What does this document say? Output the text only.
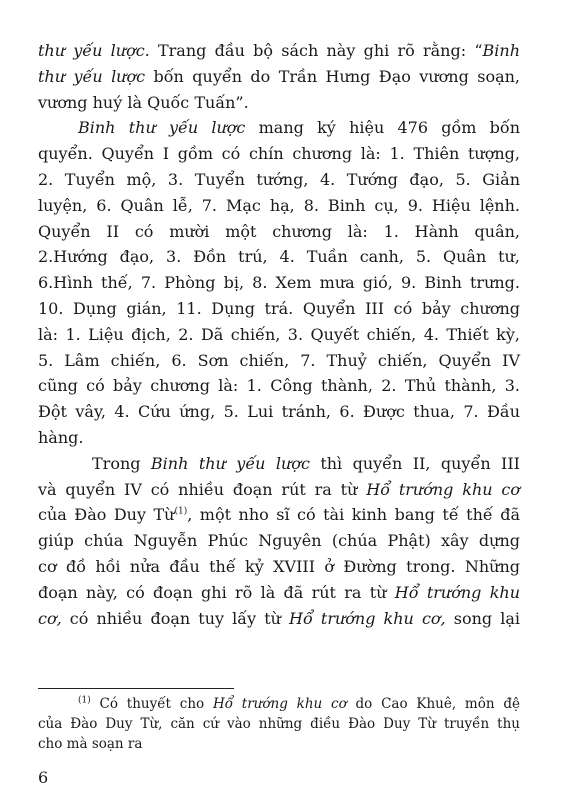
thư yếu lược. Trang đầu bộ sách này ghi rõ rằng: “Binh
thư yếu lược bốn quyển do Trần Hưng Đạo vương soạn,
vương huý là Quốc Tuấn”.
Binh thư yếu lược mang ký hiệu 476 gồm bốn
quyển. Quyển I gồm có chín chương là: 1. Thiên tượng,
2. Tuyển mộ, 3. Tuyển tướng, 4. Tướng đạo, 5. Giản
luyện, 6. Quân lễ, 7. Mạc hạ, 8. Binh cụ, 9. Hiệu lệnh.
Quyển II có mười một chương là: 1. Hành quân,
2.Hướng đạo, 3. Đồn trú, 4. Tuần canh, 5. Quân tư,
6.Hình thế, 7. Phòng bị, 8. Xem mưa gió, 9. Binh trưng.
10. Dụng gián, 11. Dụng trá. Quyển III có bảy chương
là: 1. Liệu địch, 2. Dã chiến, 3. Quyết chiến, 4. Thiết kỳ,
5. Lâm chiến, 6. Sơn chiến, 7. Thuỷ chiến, Quyển IV
cũng có bảy chương là: 1. Công thành, 2. Thủ thành, 3.
Đột vây, 4. Cứu ứng, 5. Lui tránh, 6. Được thua, 7. Đầu
hàng.
Trong Binh thư yếu lược thì quyển II, quyển III
và quyển IV có nhiều đoạn rút ra từ Hổ trướng khu cơ
của Đào Duy Từ$^{(1)}$, một nho sĩ có tài kinh bang tế thế đã
giúp chúa Nguyễn Phúc Nguyên (chúa Phật) xây dựng
cơ đồ hồi nửa đầu thế kỷ XVIII ở Đường trong. Những
đoạn này, có đoạn ghi rõ là đã rút ra từ Hổ trướng khu
cơ, có nhiều đoạn tuy lấy từ Hổ trướng khu cơ, song lại
$^{(1)}$ Có thuyết cho Hổ trướng khu cơ do Cao Khuê, môn đệ
của Đào Duy Từ, căn cứ vào những điều Đào Duy Từ truyền thụ
cho mà soạn ra
6
